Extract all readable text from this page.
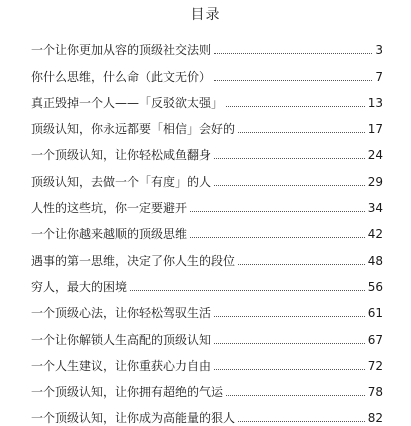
目录
一个让你更加从容的顶级社交法则	3
你什么思维，什么命（此文无价）	7
真正毁掉一个人——「反驳欲太强」	13
顶级认知，你永远都要「相信」会好的	17
一个顶级认知，让你轻松咸鱼翻身	24
顶级认知，去做一个「有度」的人	29
人性的这些坑，你一定要避开	34
一个让你越来越顺的顶级思维	42
遇事的第一思维，决定了你人生的段位	48
穷人，最大的困境	56
一个顶级心法，让你轻松驾驭生活	61
一个让你解锁人生高配的顶级认知	67
一个人生建议，让你重获心力自由	72
一个顶级认知，让你拥有超绝的气运	78
一个顶级认知，让你成为高能量的狠人	82
